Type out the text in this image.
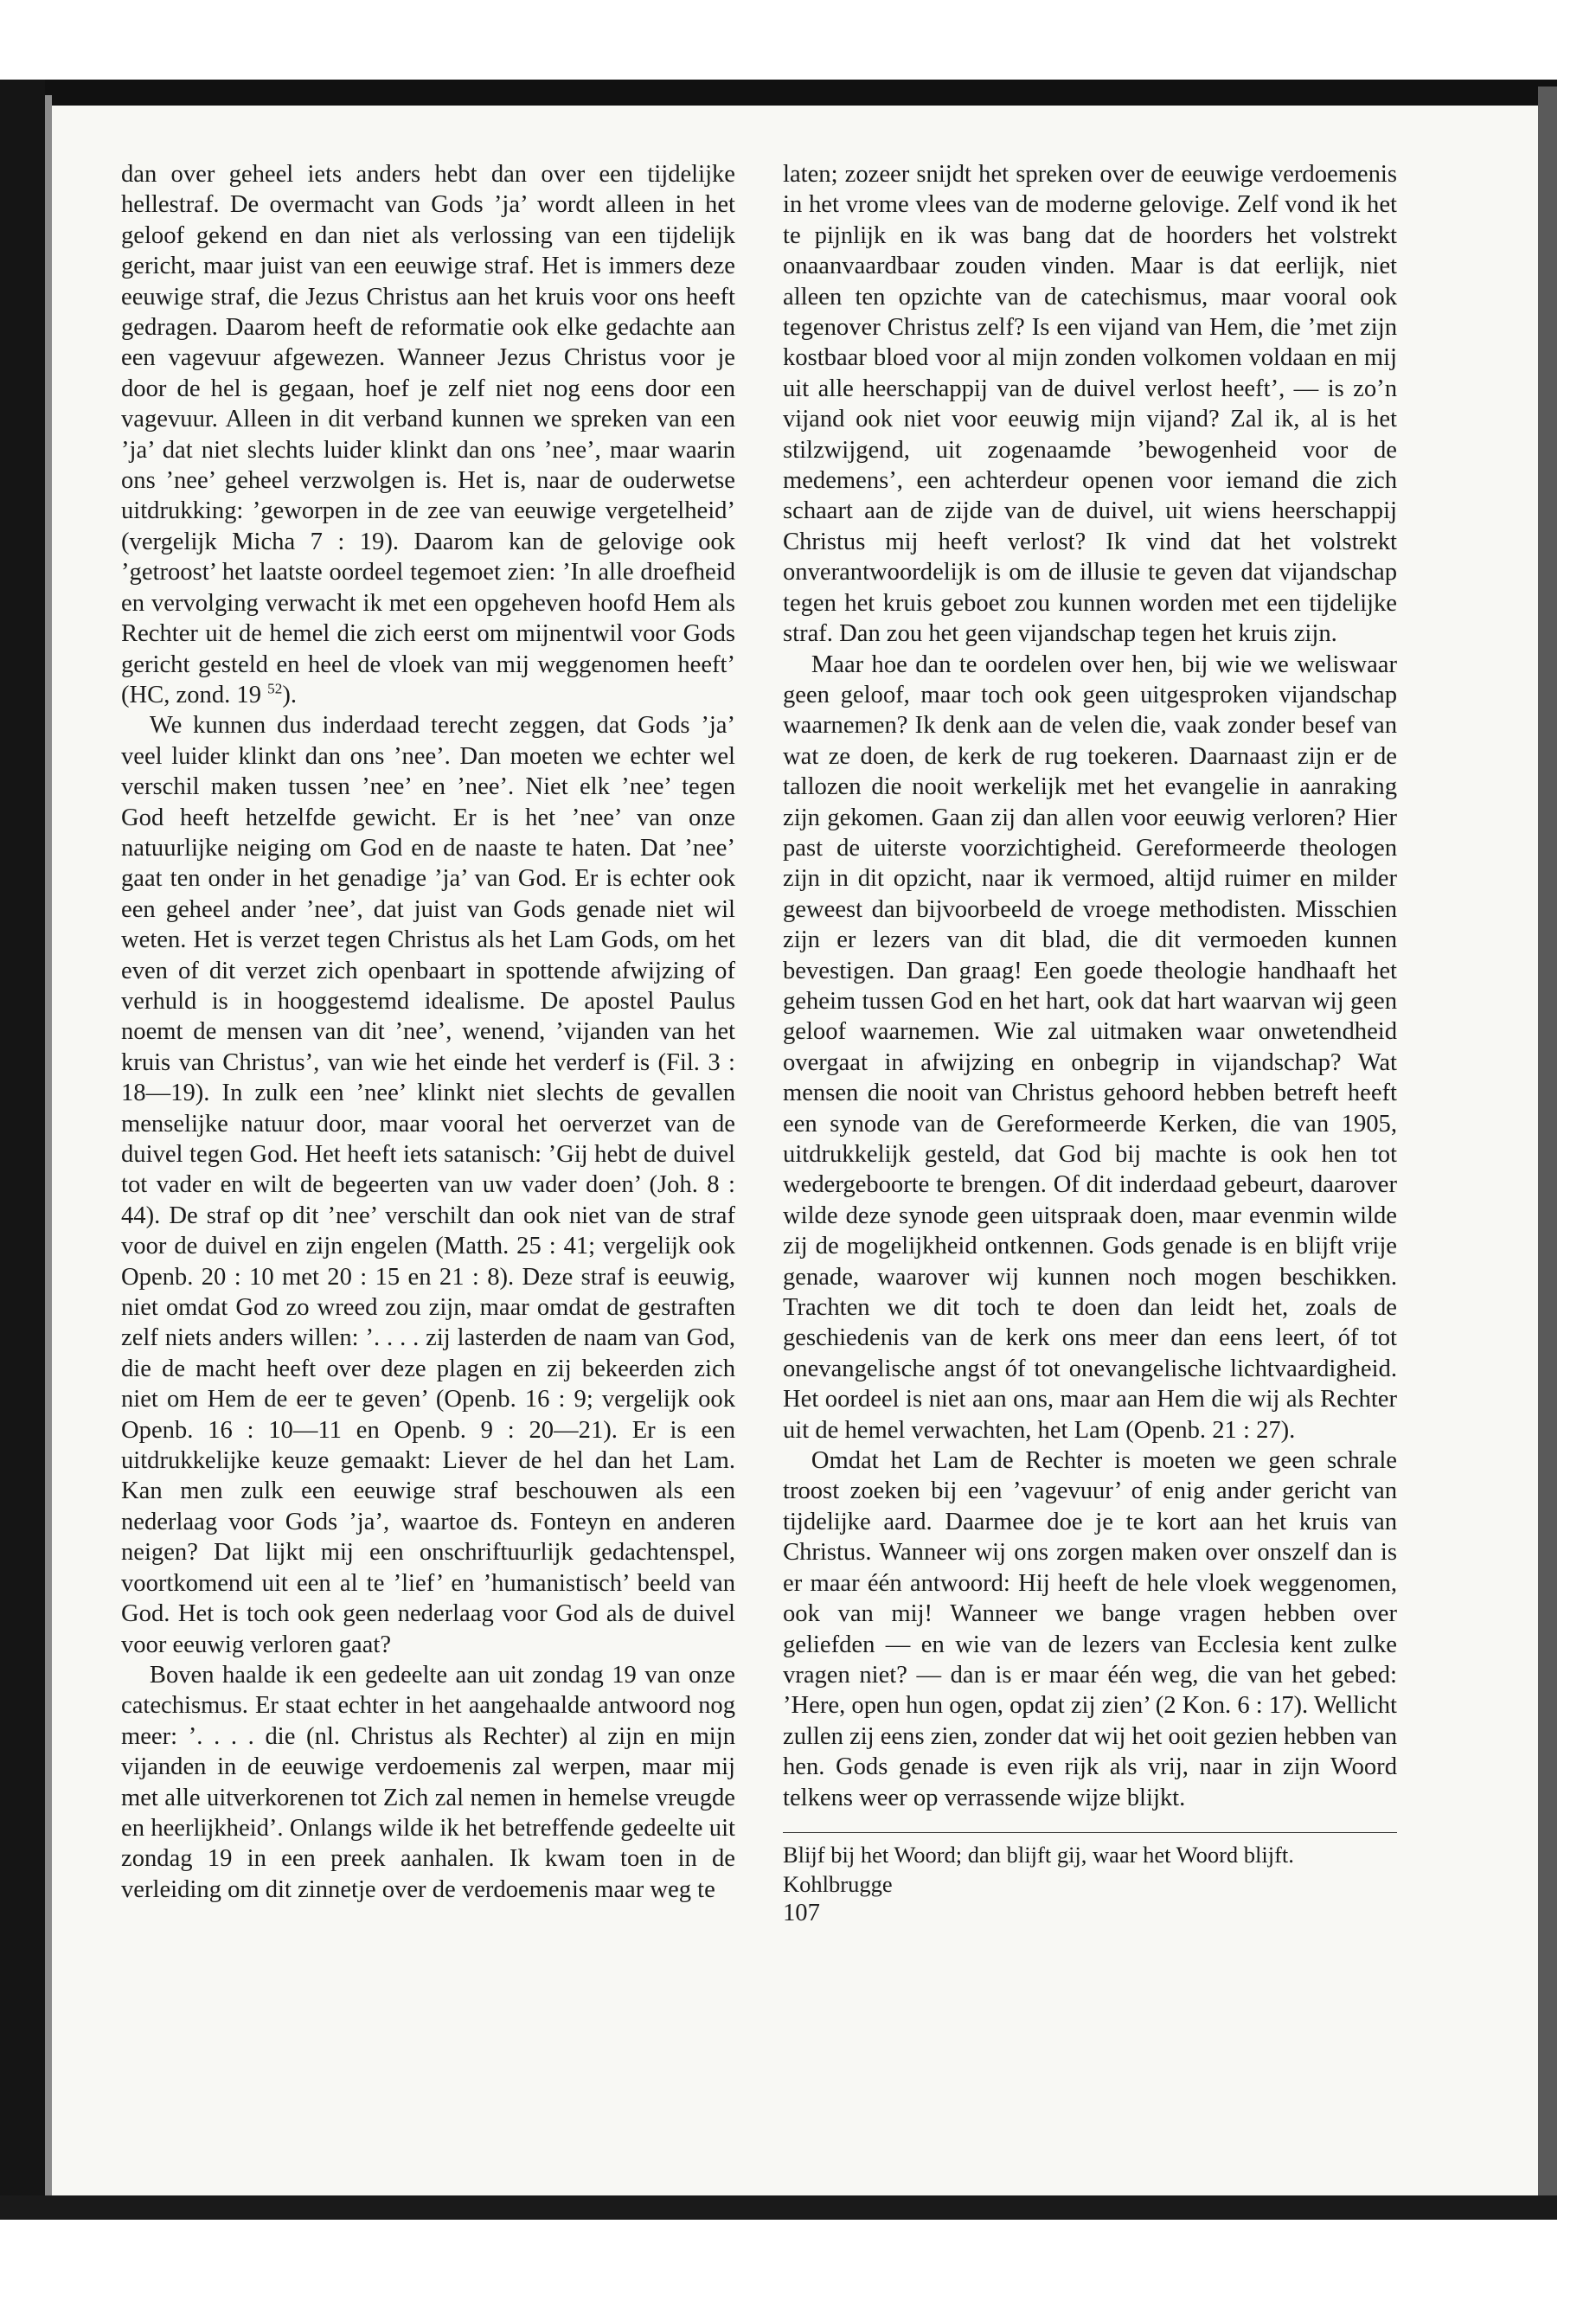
dan over geheel iets anders hebt dan over een tijdelijke hellestraf. De overmacht van Gods ’ja’ wordt alleen in het geloof gekend en dan niet als verlossing van een tijdelijk gericht, maar juist van een eeuwige straf. Het is immers deze eeuwige straf, die Jezus Christus aan het kruis voor ons heeft gedragen. Daarom heeft de reformatie ook elke gedachte aan een vagevuur afgewezen. Wanneer Jezus Christus voor je door de hel is gegaan, hoef je zelf niet nog eens door een vagevuur. Alleen in dit verband kunnen we spreken van een ’ja’ dat niet slechts luider klinkt dan ons ’nee’, maar waarin ons ’nee’ geheel verzwolgen is. Het is, naar de ouderwetse uitdrukking: ’geworpen in de zee van eeuwige vergetelheid’ (vergelijk Micha 7 : 19). Daarom kan de gelovige ook ’getroost’ het laatste oordeel tegemoet zien: ’In alle droefheid en vervolging verwacht ik met een opgeheven hoofd Hem als Rechter uit de hemel die zich eerst om mijnentwil voor Gods gericht gesteld en heel de vloek van mij weggenomen heeft’ (HC, zond. 19 $^{52}$).

We kunnen dus inderdaad terecht zeggen, dat Gods ’ja’ veel luider klinkt dan ons ’nee’. Dan moeten we echter wel verschil maken tussen ’nee’ en ’nee’. Niet elk ’nee’ tegen God heeft hetzelfde gewicht. Er is het ’nee’ van onze natuurlijke neiging om God en de naaste te haten. Dat ’nee’ gaat ten onder in het genadige ’ja’ van God. Er is echter ook een geheel ander ’nee’, dat juist van Gods genade niet wil weten. Het is verzet tegen Christus als het Lam Gods, om het even of dit verzet zich openbaart in spottende afwijzing of verhuld is in hooggestemd idealisme. De apostel Paulus noemt de mensen van dit ’nee’, wenend, ’vijanden van het kruis van Christus’, van wie het einde het verderf is (Fil. 3 : 18—19). In zulk een ’nee’ klinkt niet slechts de gevallen menselijke natuur door, maar vooral het oerverzet van de duivel tegen God. Het heeft iets satanisch: ’Gij hebt de duivel tot vader en wilt de begeerten van uw vader doen’ (Joh. 8 : 44). De straf op dit ’nee’ verschilt dan ook niet van de straf voor de duivel en zijn engelen (Matth. 25 : 41; vergelijk ook Openb. 20 : 10 met 20 : 15 en 21 : 8). Deze straf is eeuwig, niet omdat God zo wreed zou zijn, maar omdat de gestraften zelf niets anders willen: ’. . . . zij lasterden de naam van God, die de macht heeft over deze plagen en zij bekeerden zich niet om Hem de eer te geven’ (Openb. 16 : 9; vergelijk ook Openb. 16 : 10—11 en Openb. 9 : 20—21). Er is een uitdrukkelijke keuze gemaakt: Liever de hel dan het Lam. Kan men zulk een eeuwige straf beschouwen als een nederlaag voor Gods ’ja’, waartoe ds. Fonteyn en anderen neigen? Dat lijkt mij een onschriftuurlijk gedachtenspel, voortkomend uit een al te ’lief’ en ’humanistisch’ beeld van God. Het is toch ook geen nederlaag voor God als de duivel voor eeuwig verloren gaat?

Boven haalde ik een gedeelte aan uit zondag 19 van onze catechismus. Er staat echter in het aangehaalde antwoord nog meer: ’. . . . die (nl. Christus als Rechter) al zijn en mijn vijanden in de eeuwige verdoemenis zal werpen, maar mij met alle uitverkorenen tot Zich zal nemen in hemelse vreugde en heerlijkheid’. Onlangs wilde ik het betreffende gedeelte uit zondag 19 in een preek aanhalen. Ik kwam toen in de verleiding om dit zinnetje over de verdoemenis maar weg te

laten; zozeer snijdt het spreken over de eeuwige verdoemenis in het vrome vlees van de moderne gelovige. Zelf vond ik het te pijnlijk en ik was bang dat de hoorders het volstrekt onaanvaardbaar zouden vinden. Maar is dat eerlijk, niet alleen ten opzichte van de catechismus, maar vooral ook tegenover Christus zelf? Is een vijand van Hem, die ’met zijn kostbaar bloed voor al mijn zonden volkomen voldaan en mij uit alle heerschappij van de duivel verlost heeft’, — is zo’n vijand ook niet voor eeuwig mijn vijand? Zal ik, al is het stilzwijgend, uit zogenaamde ’bewogenheid voor de medemens’, een achterdeur openen voor iemand die zich schaart aan de zijde van de duivel, uit wiens heerschappij Christus mij heeft verlost? Ik vind dat het volstrekt onverantwoordelijk is om de illusie te geven dat vijandschap tegen het kruis geboet zou kunnen worden met een tijdelijke straf. Dan zou het geen vijandschap tegen het kruis zijn.

Maar hoe dan te oordelen over hen, bij wie we weliswaar geen geloof, maar toch ook geen uitgesproken vijandschap waarnemen? Ik denk aan de velen die, vaak zonder besef van wat ze doen, de kerk de rug toekeren. Daarnaast zijn er de tallozen die nooit werkelijk met het evangelie in aanraking zijn gekomen. Gaan zij dan allen voor eeuwig verloren? Hier past de uiterste voorzichtigheid. Gereformeerde theologen zijn in dit opzicht, naar ik vermoed, altijd ruimer en milder geweest dan bijvoorbeeld de vroege methodisten. Misschien zijn er lezers van dit blad, die dit vermoeden kunnen bevestigen. Dan graag! Een goede theologie handhaaft het geheim tussen God en het hart, ook dat hart waarvan wij geen geloof waarnemen. Wie zal uitmaken waar onwetendheid overgaat in afwijzing en onbegrip in vijandschap? Wat mensen die nooit van Christus gehoord hebben betreft heeft een synode van de Gereformeerde Kerken, die van 1905, uitdrukkelijk gesteld, dat God bij machte is ook hen tot wedergeboorte te brengen. Of dit inderdaad gebeurt, daarover wilde deze synode geen uitspraak doen, maar evenmin wilde zij de mogelijkheid ontkennen. Gods genade is en blijft vrije genade, waarover wij kunnen noch mogen beschikken. Trachten we dit toch te doen dan leidt het, zoals de geschiedenis van de kerk ons meer dan eens leert, óf tot onevangelische angst óf tot onevangelische lichtvaardigheid. Het oordeel is niet aan ons, maar aan Hem die wij als Rechter uit de hemel verwachten, het Lam (Openb. 21 : 27).

Omdat het Lam de Rechter is moeten we geen schrale troost zoeken bij een ’vagevuur’ of enig ander gericht van tijdelijke aard. Daarmee doe je te kort aan het kruis van Christus. Wanneer wij ons zorgen maken over onszelf dan is er maar één antwoord: Hij heeft de hele vloek weggenomen, ook van mij! Wanneer we bange vragen hebben over geliefden — en wie van de lezers van Ecclesia kent zulke vragen niet? — dan is er maar één weg, die van het gebed: ’Here, open hun ogen, opdat zij zien’ (2 Kon. 6 : 17). Wellicht zullen zij eens zien, zonder dat wij het ooit gezien hebben van hen. Gods genade is even rijk als vrij, naar in zijn Woord telkens weer op verrassende wijze blijkt.

Blijf bij het Woord; dan blijft gij, waar het Woord blijft.

Kohlbrugge

107
